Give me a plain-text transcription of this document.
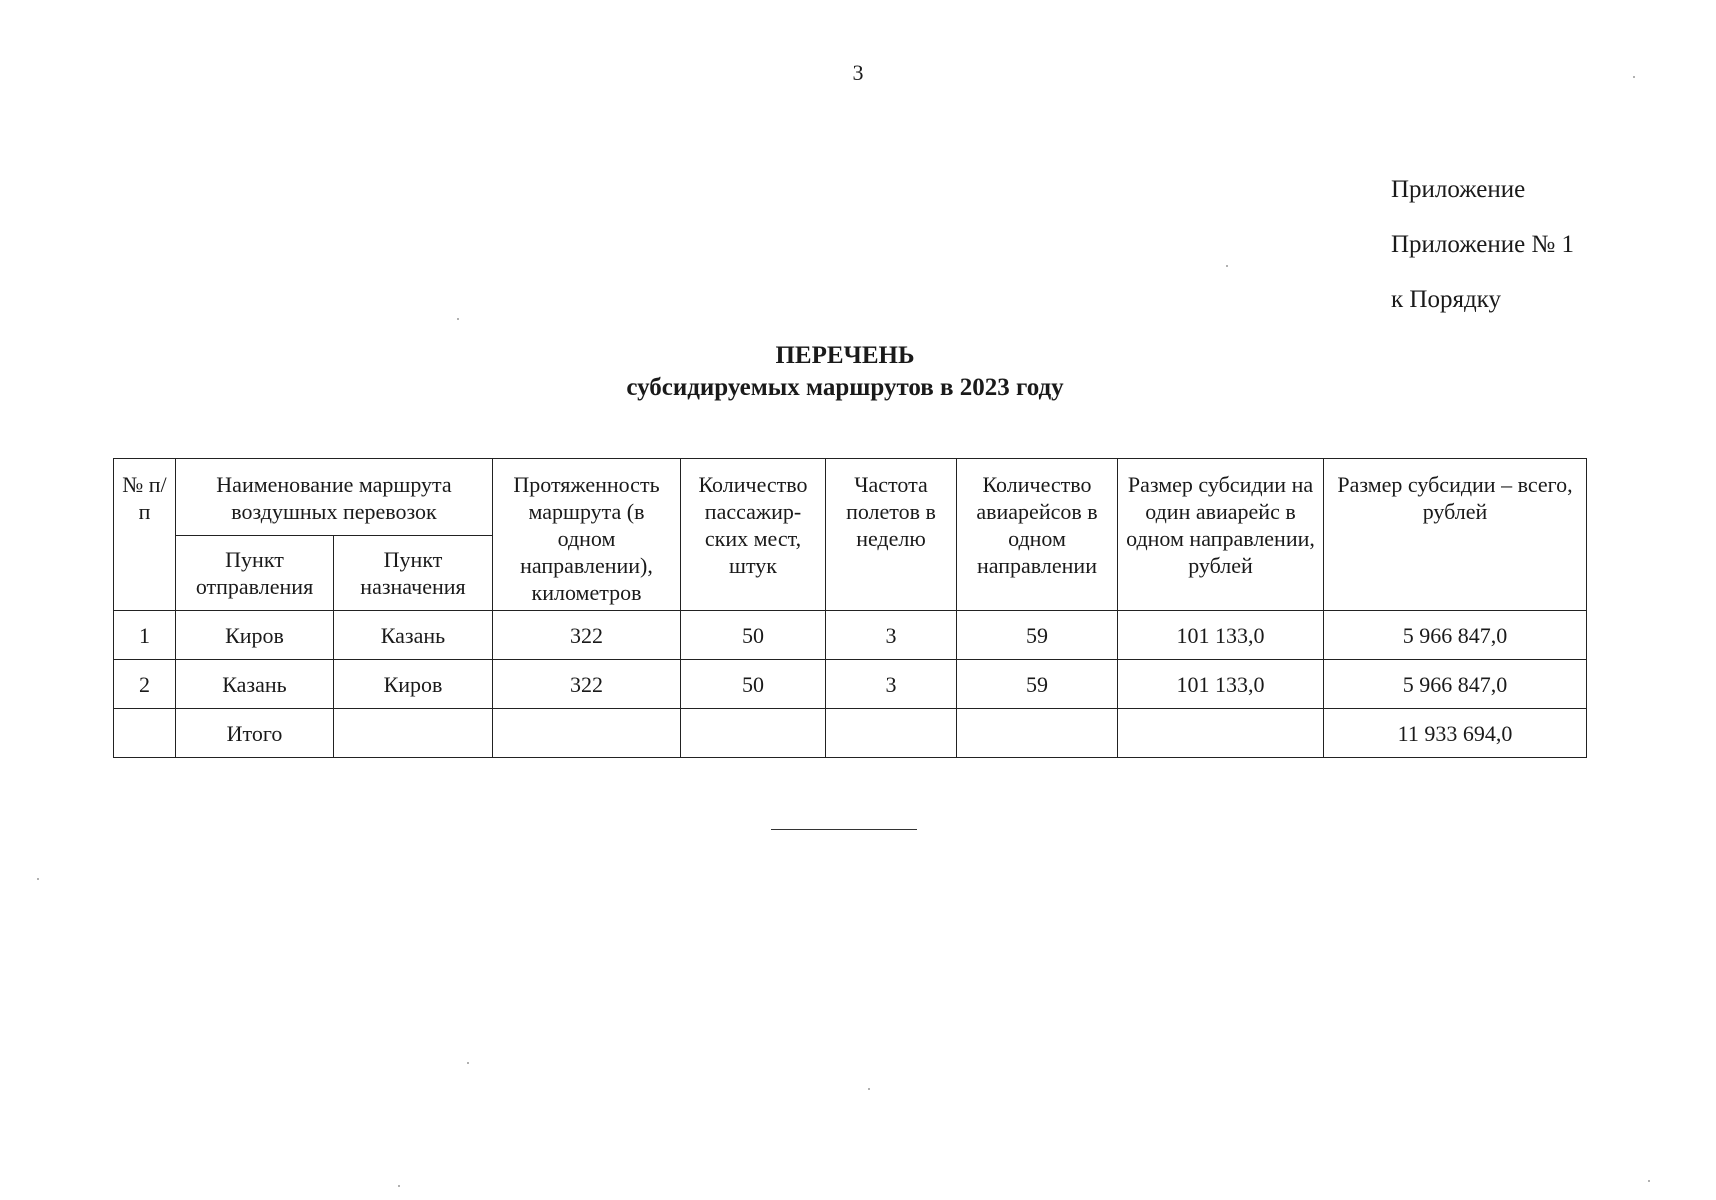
3
Приложение
Приложение № 1
к Порядку
ПЕРЕЧЕНЬ
субсидируемых маршрутов в 2023 году
№ п/п	Наименование маршрута воздушных перевозок		Протяженность маршрута (в одном направлении), километров	Количество пассажир-ских мест, штук	Частота полетов в неделю	Количество авиарейсов в одном направлении	Размер субсидии на один авиарейс в одном направлении, рублей	Размер субсидии – всего, рублей
	Пункт отправления	Пункт назначения						
1	Киров	Казань	322	50	3	59	101 133,0	5 966 847,0
2	Казань	Киров	322	50	3	59	101 133,0	5 966 847,0
	Итого							11 933 694,0
